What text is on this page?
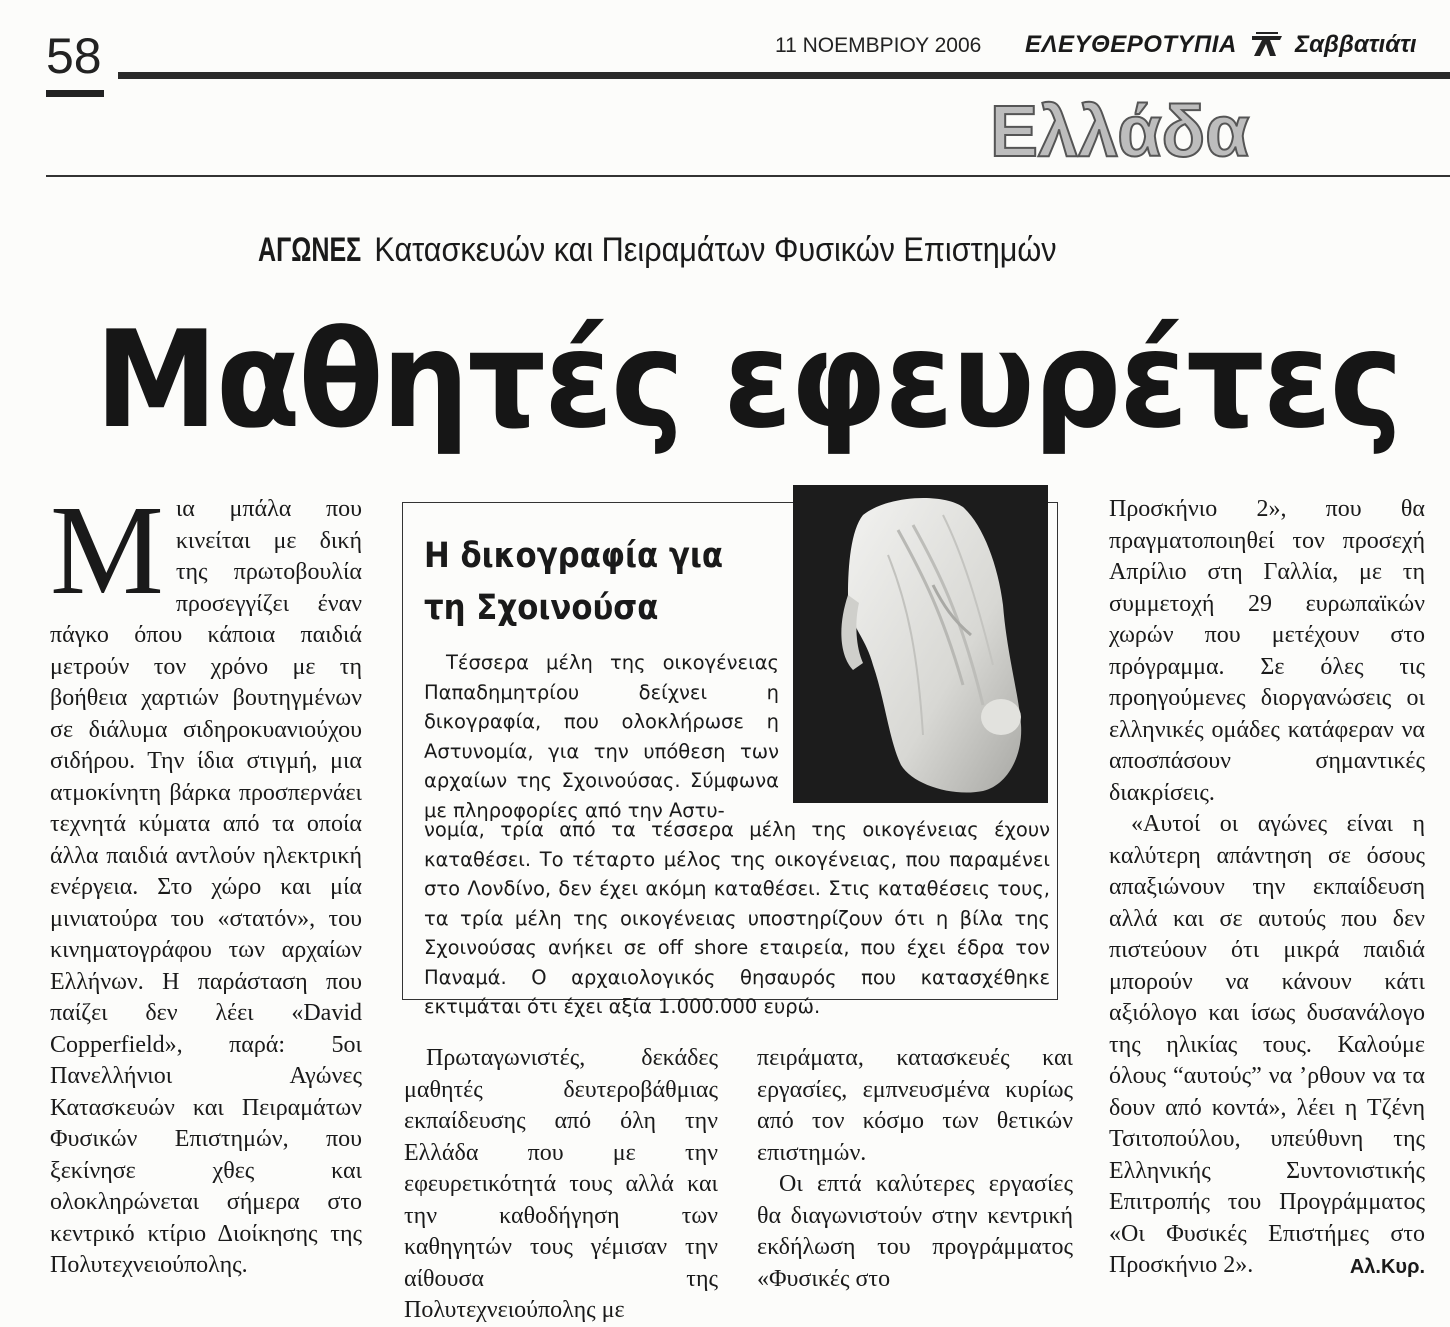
58	11 ΝΟΕΜΒΡΙΟΥ 2006 ΕΛΕΥΘΕΡΟΤΥΠΙΑ Σαββατιάτι
Ελλάδα
ΑΓΩΝΕΣ Κατασκευών και Πειραμάτων Φυσικών Επιστημών
Μαθητές εφευρέτες
Μ ια μπάλα που κινείται με δική της πρωτοβουλία προσεγγίζει έναν πάγκο όπου κάποια παιδιά μετρούν τον χρόνο με τη βοήθεια χαρτιών βουτηγμένων σε διάλυμα σιδηροκυανιούχου σιδήρου. Την ίδια στιγμή, μια ατμοκίνητη βάρκα προσπερνάει τεχνητά κύματα από τα οποία άλλα παιδιά αντλούν ηλεκτρική ενέργεια. Στο χώρο και μία μινιατούρα του «στατόν», του κινηματογράφου των αρχαίων Ελλήνων. Η παράσταση που παίζει δεν λέει «David Copperfield», παρά: 5οι Πανελλήνιοι Αγώνες Κατασκευών και Πειραμάτων Φυσικών Επιστημών, που ξεκίνησε χθες και ολοκληρώνεται σήμερα στο κεντρικό κτίριο Διοίκησης της Πολυτεχνειούπολης.
Η δικογραφία για τη Σχοινούσα

Τέσσερα μέλη της οικογένειας Παπαδημητρίου δείχνει η δικογραφία, που ολοκλήρωσε η Αστυνομία, για την υπόθεση των αρχαίων της Σχοινούσας. Σύμφωνα με πληροφορίες από την Αστυ-

νομία, τρία από τα τέσσερα μέλη της οικογένειας έχουν καταθέσει. Το τέταρτο μέλος της οικογένειας, που παραμένει στο Λονδίνο, δεν έχει ακόμη καταθέσει. Στις καταθέσεις τους, τα τρία μέλη της οικογένειας υποστηρίζουν ότι η βίλα της Σχοινούσας ανήκει σε off shore εταιρεία, που έχει έδρα τον Παναμά. Ο αρχαιολογικός θησαυρός που κατασχέθηκε εκτιμάται ότι έχει αξία 1.000.000 ευρώ.

Πρωταγωνιστές, δεκάδες μαθητές δευτεροβάθμιας εκπαίδευσης από όλη την Ελλάδα που με την εφευρετικότητά τους αλλά και την καθοδήγηση των καθηγητών τους γέμισαν την αίθουσα της Πολυτεχνειούπολης με

πειράματα, κατασκευές και εργασίες, εμπνευσμένα κυρίως από τον κόσμο των θετικών επιστημών.

Οι επτά καλύτερες εργασίες θα διαγωνιστούν στην κεντρική εκδήλωση του προγράμματος «Φυσικές στο

Προσκήνιο 2», που θα πραγματοποιηθεί τον προσεχή Απρίλιο στη Γαλλία, με τη συμμετοχή 29 ευρωπαϊκών χωρών που μετέχουν στο πρόγραμμα. Σε όλες τις προηγούμενες διοργανώσεις οι ελληνικές ομάδες κατάφεραν να αποσπάσουν σημαντικές διακρίσεις.

«Αυτοί οι αγώνες είναι η καλύτερη απάντηση σε όσους απαξιώνουν την εκπαίδευση αλλά και σε αυτούς που δεν πιστεύουν ότι μικρά παιδιά μπορούν να κάνουν κάτι αξιόλογο και ίσως δυσανάλογο της ηλικίας τους. Καλούμε όλους “αυτούς” να ’ρθουν να τα δουν από κοντά», λέει η Τζένη Τσιτοπούλου, υπεύθυνη της Ελληνικής Συντονιστικής Επιτροπής του Προγράμματος «Οι Φυσικές Επιστήμες στο Προσκήνιο 2».	Αλ.Κυρ.
